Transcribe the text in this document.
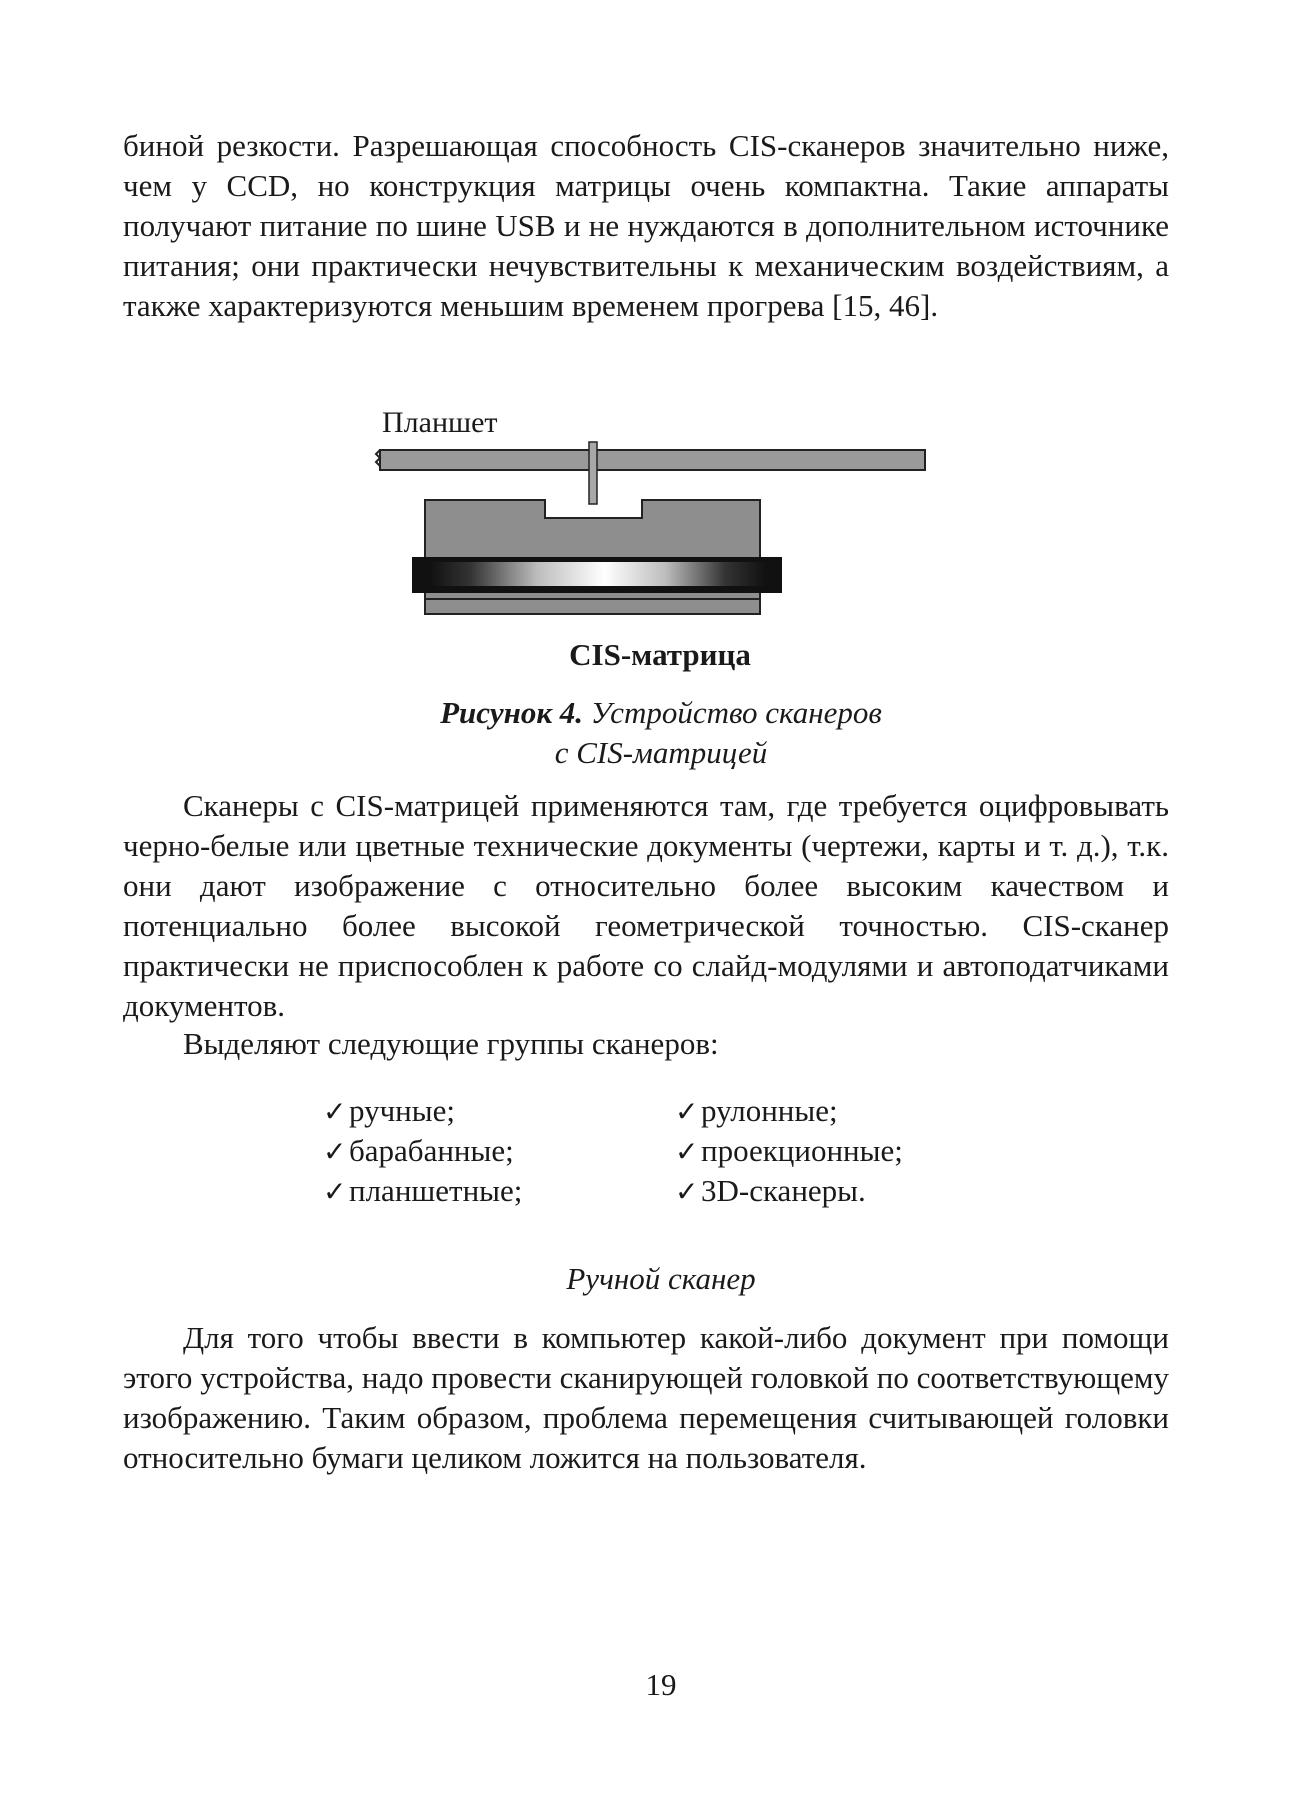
биной резкости. Разрешающая способность CIS-сканеров значительно ниже, чем у CCD, но конструкция матрицы очень компактна. Такие аппараты получают питание по шине USB и не нуждаются в дополнительном источнике питания; они практически нечувствительны к механическим воздействиям, а также характеризуются меньшим временем прогрева [15, 46].

Планшет

CIS-матрица

Рисунок 4. Устройство сканеров
с CIS-матрицей

Сканеры с CIS-матрицей применяются там, где требуется оцифровывать черно-белые или цветные технические документы (чертежи, карты и т. д.), т.к. они дают изображение с относительно более высоким качеством и потенциально более высокой геометрической точностью. CIS-сканер практически не приспособлен к работе со слайд-модулями и автоподатчиками документов.

Выделяют следующие группы сканеров:

✓ручные;	✓рулонные;
✓барабанные;	✓проекционные;
✓планшетные;	✓3D-сканеры.

Ручной сканер

Для того чтобы ввести в компьютер какой-либо документ при помощи этого устройства, надо провести сканирующей головкой по соответствующему изображению. Таким образом, проблема перемещения считывающей головки относительно бумаги целиком ложится на пользователя.

19
